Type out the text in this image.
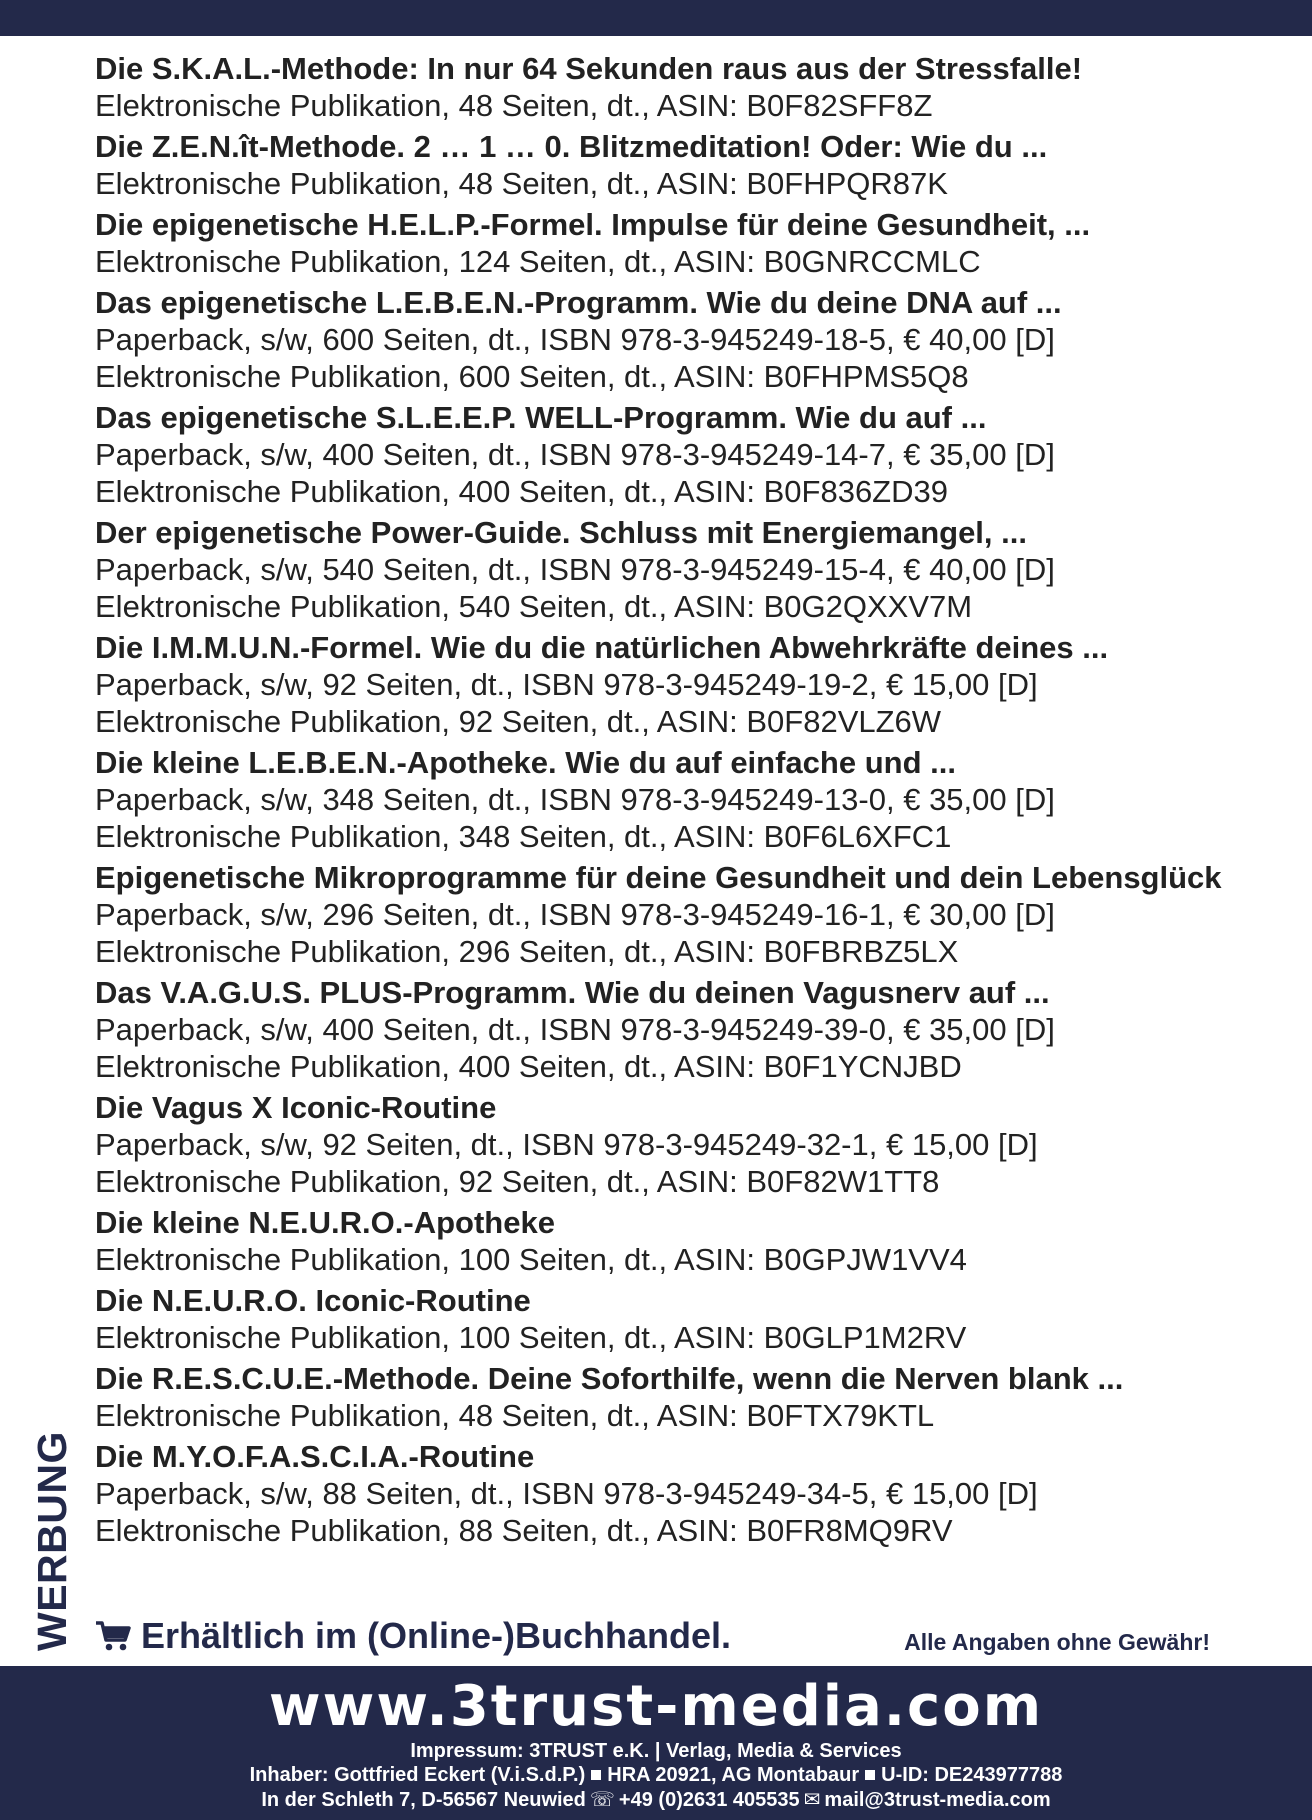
WERBUNG
Die S.K.A.L.-Methode: In nur 64 Sekunden raus aus der Stressfalle!
Elektronische Publikation, 48 Seiten, dt., ASIN: B0F82SFF8Z
Die Z.E.N.ît-Methode. 2 … 1 … 0. Blitzmeditation! Oder: Wie du ...
Elektronische Publikation, 48 Seiten, dt., ASIN: B0FHPQR87K
Die epigenetische H.E.L.P.-Formel. Impulse für deine Gesundheit, ...
Elektronische Publikation, 124 Seiten, dt., ASIN: B0GNRCCMLC
Das epigenetische L.E.B.E.N.-Programm. Wie du deine DNA auf ...
Paperback, s/w, 600 Seiten, dt., ISBN 978-3-945249-18-5, € 40,00 [D]
Elektronische Publikation, 600 Seiten, dt., ASIN: B0FHPMS5Q8
Das epigenetische S.L.E.E.P. WELL-Programm. Wie du auf ...
Paperback, s/w, 400 Seiten, dt., ISBN 978-3-945249-14-7, € 35,00 [D]
Elektronische Publikation, 400 Seiten, dt., ASIN: B0F836ZD39
Der epigenetische Power-Guide. Schluss mit Energiemangel, ...
Paperback, s/w, 540 Seiten, dt., ISBN 978-3-945249-15-4, € 40,00 [D]
Elektronische Publikation, 540 Seiten, dt., ASIN: B0G2QXXV7M
Die I.M.M.U.N.-Formel. Wie du die natürlichen Abwehrkräfte deines ...
Paperback, s/w, 92 Seiten, dt., ISBN 978-3-945249-19-2, € 15,00 [D]
Elektronische Publikation, 92 Seiten, dt., ASIN: B0F82VLZ6W
Die kleine L.E.B.E.N.-Apotheke. Wie du auf einfache und ...
Paperback, s/w, 348 Seiten, dt., ISBN 978-3-945249-13-0, € 35,00 [D]
Elektronische Publikation, 348 Seiten, dt., ASIN: B0F6L6XFC1
Epigenetische Mikroprogramme für deine Gesundheit und dein Lebensglück
Paperback, s/w, 296 Seiten, dt., ISBN 978-3-945249-16-1, € 30,00 [D]
Elektronische Publikation, 296 Seiten, dt., ASIN: B0FBRBZ5LX
Das V.A.G.U.S. PLUS-Programm. Wie du deinen Vagusnerv auf ...
Paperback, s/w, 400 Seiten, dt., ISBN 978-3-945249-39-0, € 35,00 [D]
Elektronische Publikation, 400 Seiten, dt., ASIN: B0F1YCNJBD
Die Vagus X Iconic-Routine
Paperback, s/w, 92 Seiten, dt., ISBN 978-3-945249-32-1, € 15,00 [D]
Elektronische Publikation, 92 Seiten, dt., ASIN: B0F82W1TT8
Die kleine N.E.U.R.O.-Apotheke
Elektronische Publikation, 100 Seiten, dt., ASIN: B0GPJW1VV4
Die N.E.U.R.O. Iconic-Routine
Elektronische Publikation, 100 Seiten, dt., ASIN: B0GLP1M2RV
Die R.E.S.C.U.E.-Methode. Deine Soforthilfe, wenn die Nerven blank ...
Elektronische Publikation, 48 Seiten, dt., ASIN: B0FTX79KTL
Die M.Y.O.F.A.S.C.I.A.-Routine
Paperback, s/w, 88 Seiten, dt., ISBN 978-3-945249-34-5, € 15,00 [D]
Elektronische Publikation, 88 Seiten, dt., ASIN: B0FR8MQ9RV
Erhältlich im (Online-)Buchhandel.	Alle Angaben ohne Gewähr!
www.3trust-media.com
Impressum: 3TRUST e.K. | Verlag, Media & Services
Inhaber: Gottfried Eckert (V.i.S.d.P.) HRA 20921, AG Montabaur U-ID: DE243977788
In der Schleth 7, D-56567 Neuwied ☏ +49 (0)2631 405535 ✉ mail@3trust-media.com
